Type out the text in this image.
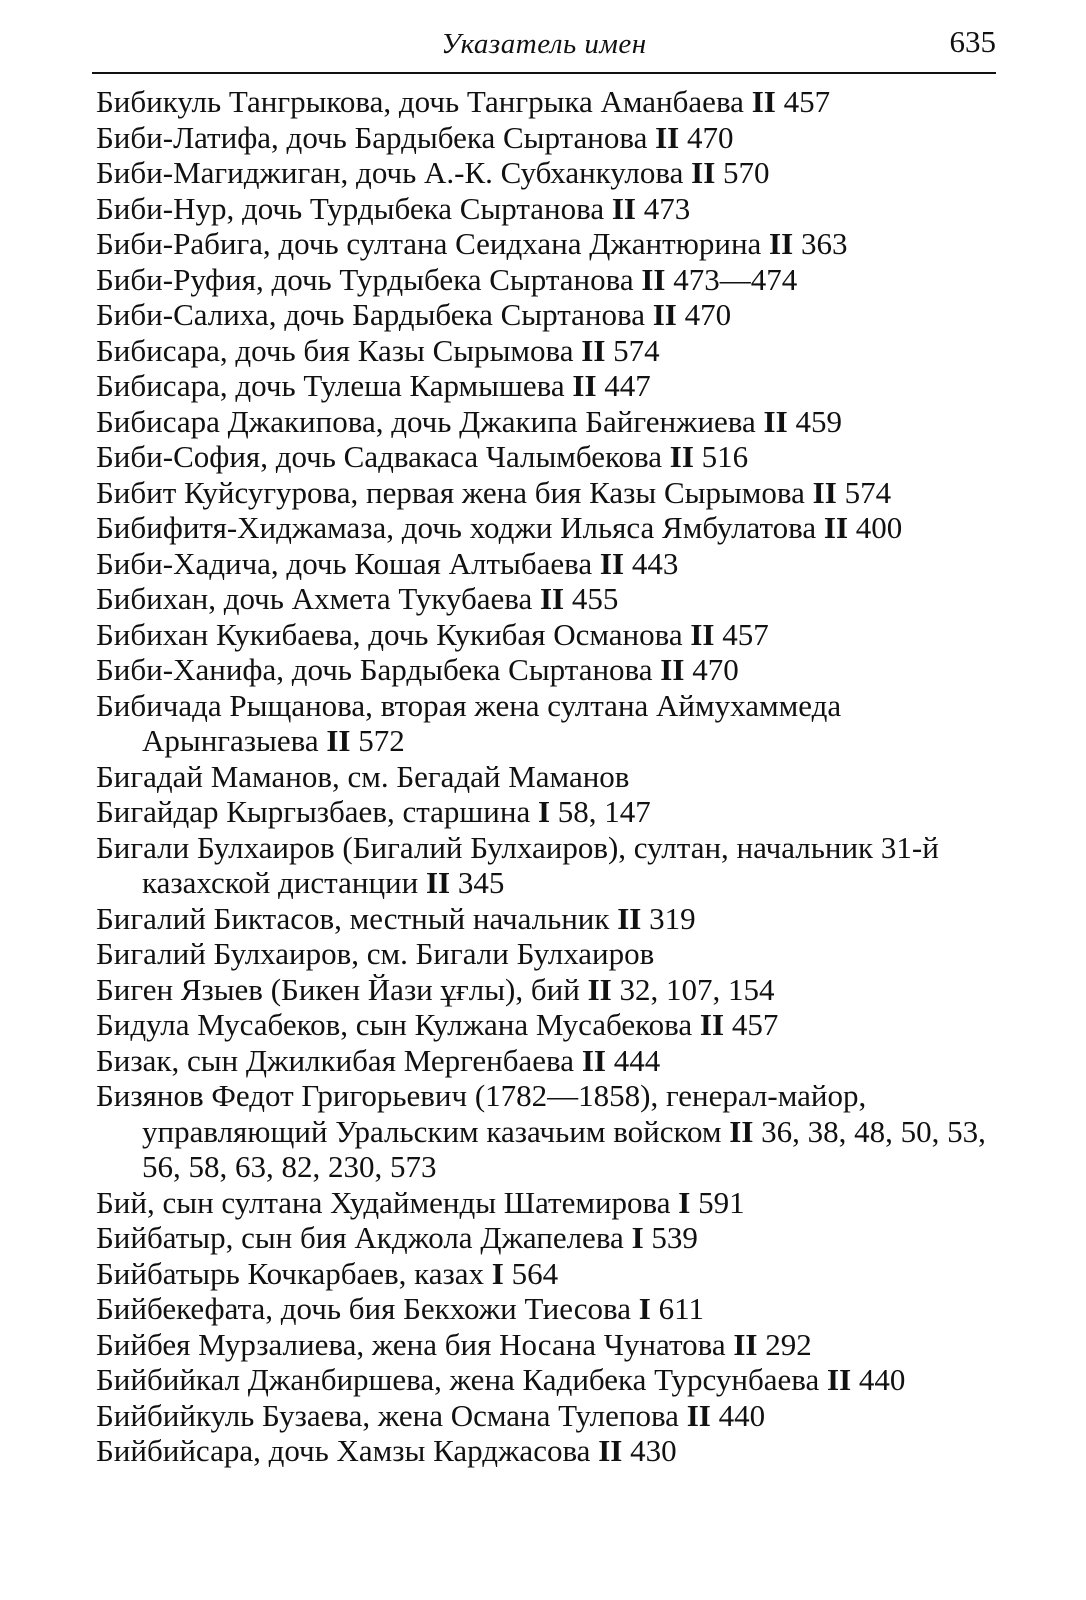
Указатель имен	635
Бибикуль Тангрыкова, дочь Тангрыка Аманбаева II 457
Биби-Латифа, дочь Бардыбека Сыртанова II 470
Биби-Магиджиган, дочь А.-К. Субханкулова II 570
Биби-Нур, дочь Турдыбека Сыртанова II 473
Биби-Рабига, дочь султана Сеидхана Джантюрина II 363
Биби-Руфия, дочь Турдыбека Сыртанова II 473—474
Биби-Салиха, дочь Бардыбека Сыртанова II 470
Бибисара, дочь бия Казы Сырымова II 574
Бибисара, дочь Тулеша Кармышева II 447
Бибисара Джакипова, дочь Джакипа Байгенжиева II 459
Биби-София, дочь Садвакаса Чалымбекова II 516
Бибит Куйсугурова, первая жена бия Казы Сырымова II 574
Бибифитя-Хиджамаза, дочь ходжи Ильяса Ямбулатова II 400
Биби-Хадича, дочь Кошая Алтыбаева II 443
Бибихан, дочь Ахмета Тукубаева II 455
Бибихан Кукибаева, дочь Кукибая Османова II 457
Биби-Ханифа, дочь Бардыбека Сыртанова II 470
Бибичада Рыщанова, вторая жена султана Аймухаммеда Арынгазыева II 572
Бигадай Маманов, см. Бегадай Маманов
Бигайдар Кыргызбаев, старшина I 58, 147
Бигали Булхаиров (Бигалий Булхаиров), султан, начальник 31-й казахской дистанции II 345
Бигалий Биктасов, местный начальник II 319
Бигалий Булхаиров, см. Бигали Булхаиров
Биген Языев (Бикен Йази ұғлы), бий II 32, 107, 154
Бидула Мусабеков, сын Кулжана Мусабекова II 457
Бизак, сын Джилкибая Мергенбаева II 444
Бизянов Федот Григорьевич (1782—1858), генерал-майор, управляющий Уральским казачьим войском II 36, 38, 48, 50, 53, 56, 58, 63, 82, 230, 573
Бий, сын султана Худайменды Шатемирова I 591
Бийбатыр, сын бия Акджола Джапелева I 539
Бийбатырь Кочкарбаев, казах I 564
Бийбекефата, дочь бия Бекхожи Тиесова I 611
Бийбея Мурзалиева, жена бия Носана Чунатова II 292
Бийбийкал Джанбиршева, жена Кадибека Турсунбаева II 440
Бийбийкуль Бузаева, жена Османа Тулепова II 440
Бийбийсара, дочь Хамзы Карджасова II 430
